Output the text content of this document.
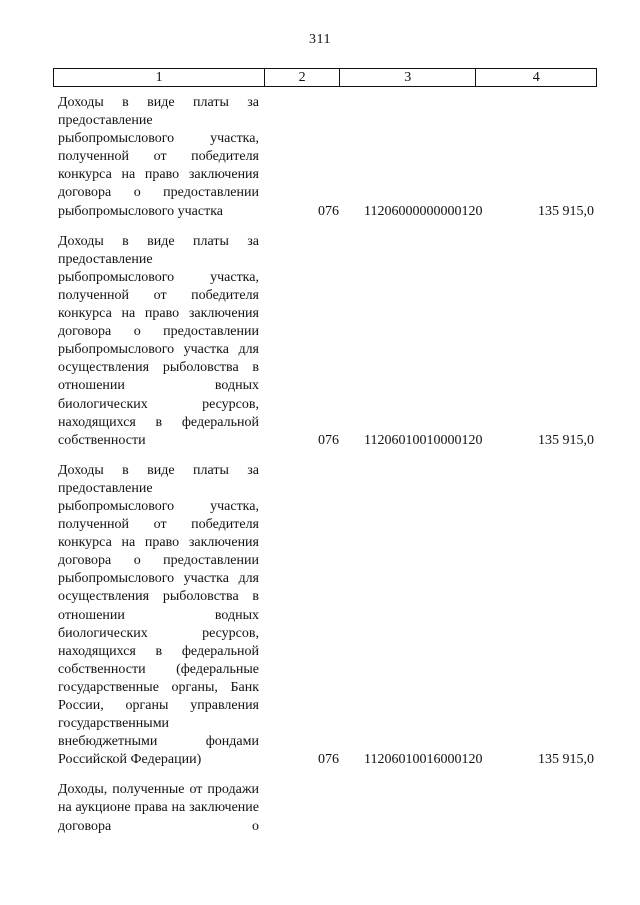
311
1	2	3	4
Доходы в виде платы за предоставление рыбопромыслового участка, полученной от победителя конкурса на право заключения договора о предоставлении рыбопромыслового участка	076	11206000000000120	135 915,0
Доходы в виде платы за предоставление рыбопромыслового участка, полученной от победителя конкурса на право заключения договора о предоставлении рыбопромыслового участка для осуществления рыболовства в отношении водных биологических ресурсов, находящихся в федеральной собственности	076	11206010010000120	135 915,0
Доходы в виде платы за предоставление рыбопромыслового участка, полученной от победителя конкурса на право заключения договора о предоставлении рыбопромыслового участка для осуществления рыболовства в отношении водных биологических ресурсов, находящихся в федеральной собственности (федеральные государственные органы, Банк России, органы управления государственными внебюджетными фондами Российской Федерации)	076	11206010016000120	135 915,0
Доходы, полученные от продажи на аукционе права на заключение договора о
